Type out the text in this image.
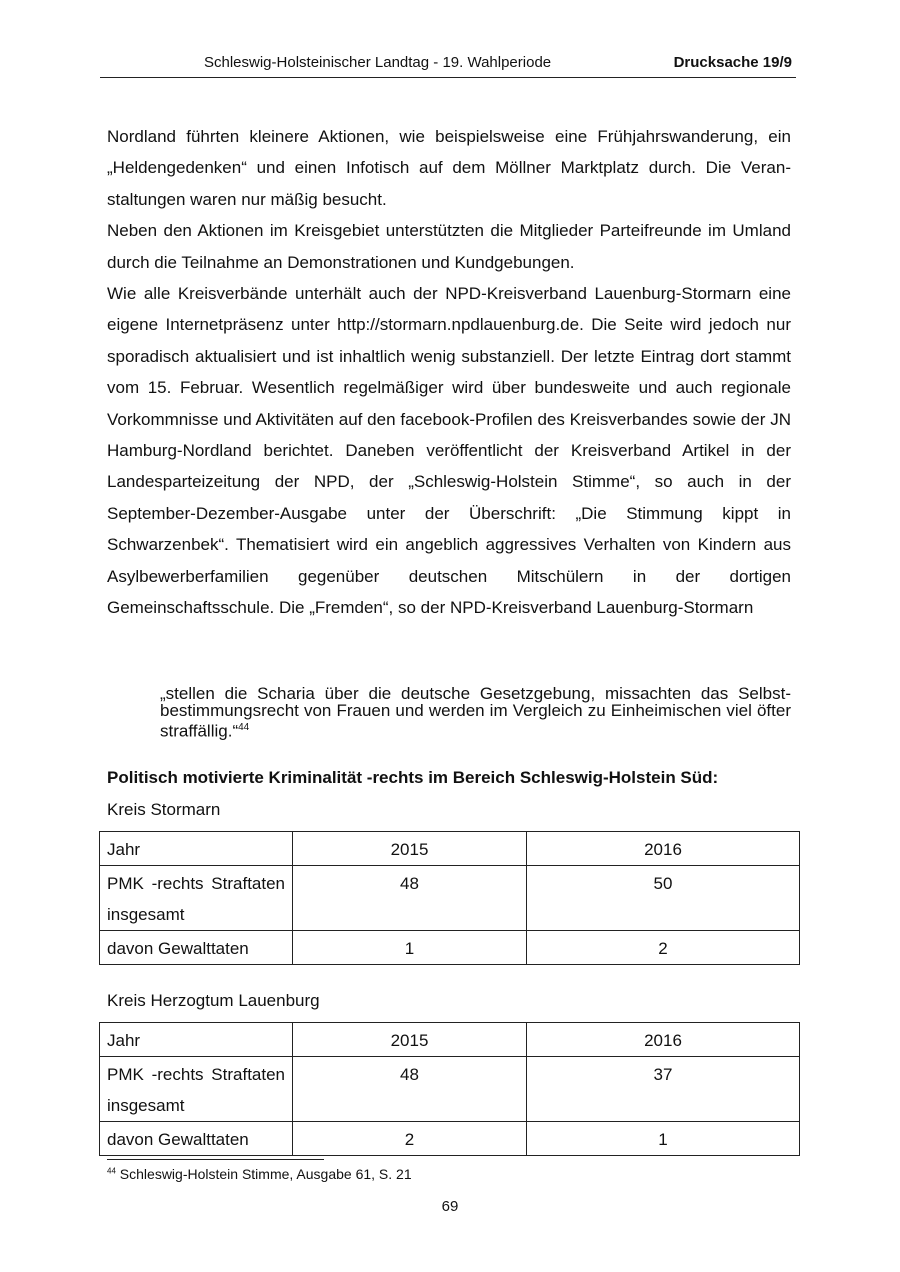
Schleswig-Holsteinischer Landtag - 19. Wahlperiode	Drucksache 19/9

Nordland führten kleinere Aktionen, wie beispielsweise eine Frühjahrswanderung, ein „Heldengedenken“ und einen Infotisch auf dem Möllner Marktplatz durch. Die Veranstaltungen waren nur mäßig besucht.

Neben den Aktionen im Kreisgebiet unterstützten die Mitglieder Parteifreunde im Umland durch die Teilnahme an Demonstrationen und Kundgebungen.

Wie alle Kreisverbände unterhält auch der NPD-Kreisverband Lauenburg-Stormarn eine eigene Internetpräsenz unter http://stormarn.npdlauenburg.de. Die Seite wird jedoch nur sporadisch aktualisiert und ist inhaltlich wenig substanziell. Der letzte Eintrag dort stammt vom 15. Februar. Wesentlich regelmäßiger wird über bundesweite und auch regionale Vorkommnisse und Aktivitäten auf den facebook-Profilen des Kreisverbandes sowie der JN Hamburg-Nordland berichtet. Daneben veröffentlicht der Kreisverband Artikel in der Landesparteizeitung der NPD, der „Schleswig-Holstein Stimme“, so auch in der September-Dezember-Ausgabe unter der Überschrift: „Die Stimmung kippt in Schwarzenbek“. Thematisiert wird ein angeblich aggressives Verhalten von Kindern aus Asylbewerberfamilien gegenüber deutschen Mitschülern in der dortigen Gemeinschaftsschule. Die „Fremden“, so der NPD-Kreisverband Lauenburg-Stormarn

„stellen die Scharia über die deutsche Gesetzgebung, missachten das Selbstbestimmungsrecht von Frauen und werden im Vergleich zu Einheimischen viel öfter straffällig.“$^{44}$
Politisch motivierte Kriminalität -rechts im Bereich Schleswig-Holstein Süd:
Kreis Stormarn
Jahr	2015	2016
PMK -rechts Straftaten insgesamt	48	50
davon Gewalttaten	1	2
Kreis Herzogtum Lauenburg
Jahr	2015	2016
PMK -rechts Straftaten insgesamt	48	37
davon Gewalttaten	2	1
$^{44}$ Schleswig-Holstein Stimme, Ausgabe 61, S. 21
69
